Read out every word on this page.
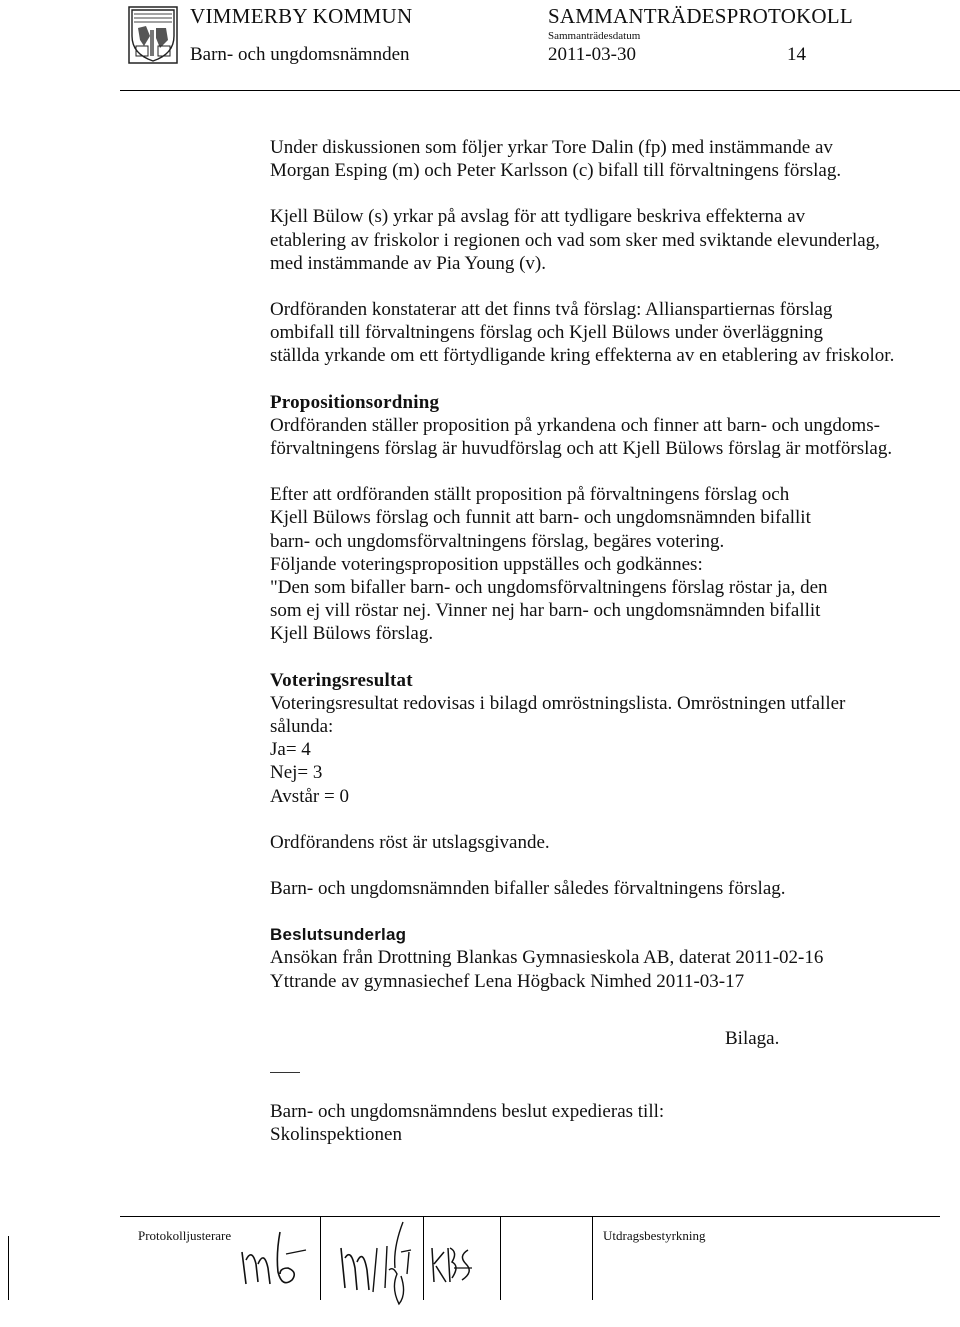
VIMMERBY KOMMUN
Barn- och ungdomsnämnden
SAMMANTRÄDESPROTOKOLL
Sammanträdesdatum
2011-03-30	14

Under diskussionen som följer yrkar Tore Dalin (fp) med instämmande av
Morgan Esping (m) och Peter Karlsson (c) bifall till förvaltningens förslag.

Kjell Bülow (s) yrkar på avslag för att tydligare beskriva effekterna av
etablering av friskolor i regionen och vad som sker med sviktande elevunderlag,
med instämmande av Pia Young (v).

Ordföranden konstaterar att det finns två förslag: Allianspartiernas förslag
ombifall till förvaltningens förslag och Kjell Bülows under överläggning
ställda yrkande om ett förtydligande kring effekterna av en etablering av friskolor.

Propositionsordning

Ordföranden ställer proposition på yrkandena och finner att barn- och ungdoms-
förvaltningens förslag är huvudförslag och att Kjell Bülows förslag är motförslag.

Efter att ordföranden ställt proposition på förvaltningens förslag och
Kjell Bülows förslag och funnit att barn- och ungdomsnämnden bifallit
barn- och ungdomsförvaltningens förslag, begäres votering.
Följande voteringsproposition uppställes och godkännes:
"Den som bifaller barn- och ungdomsförvaltningens förslag röstar ja, den
som ej vill röstar nej. Vinner nej har barn- och ungdomsnämnden bifallit
Kjell Bülows förslag.

Voteringsresultat

Voteringsresultat redovisas i bilagd omröstningslista. Omröstningen utfaller
sålunda:
Ja= 4
Nej= 3
Avstår = 0

Ordförandens röst är utslagsgivande.

Barn- och ungdomsnämnden bifaller således förvaltningens förslag.

Beslutsunderlag

Ansökan från Drottning Blankas Gymnasieskola AB, daterat 2011-02-16
Yttrande av gymnasiechef Lena Högback Nimhed 2011-03-17

Bilaga.
Barn- och ungdomsnämndens beslut expedieras till:
Skolinspektionen
Protokolljusterare	Utdragsbestyrkning
